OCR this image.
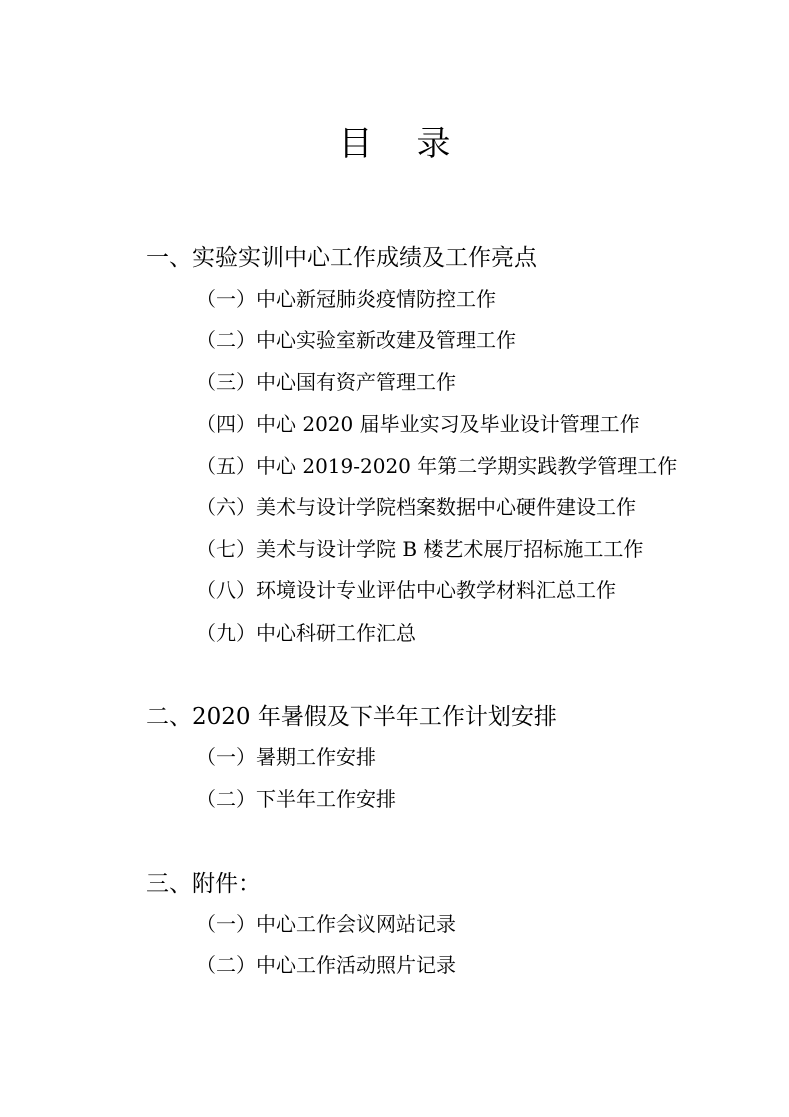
目 录
一、实验实训中心工作成绩及工作亮点
（一）中心新冠肺炎疫情防控工作
（二）中心实验室新改建及管理工作
（三）中心国有资产管理工作
（四）中心 2020 届毕业实习及毕业设计管理工作
（五）中心 2019-2020 年第二学期实践教学管理工作
（六）美术与设计学院档案数据中心硬件建设工作
（七）美术与设计学院 B 楼艺术展厅招标施工工作
（八）环境设计专业评估中心教学材料汇总工作
（九）中心科研工作汇总
二、2020 年暑假及下半年工作计划安排
（一）暑期工作安排
（二）下半年工作安排
三、附件：
（一）中心工作会议网站记录
（二）中心工作活动照片记录
